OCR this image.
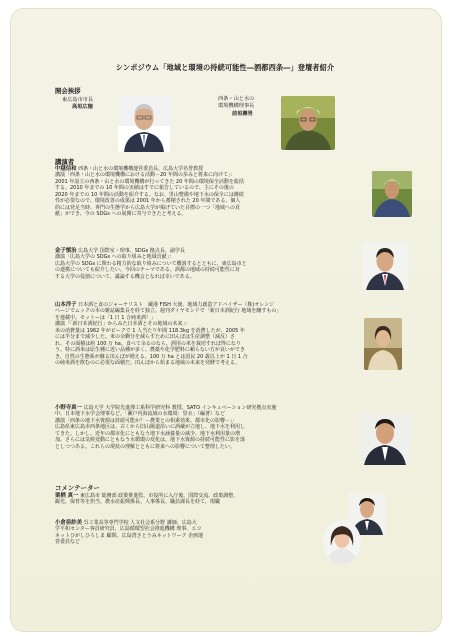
シンポジウム「地域と環境の持続可能性―酒都西条―」登壇者紹介
開会挨拶
東広島市市長
高垣広徳
西条・山と水の
環境機構理事長
前垣壽男
講演者
中越信和 西条・山と水の環境機構運営委員長、広島大学名誉教授
講演「西条・山と水の環境機構における活動－20 年間の歩みと将来に向けて」：
2001 年設立の西条・山と水の環境機構が行ってきた 20 年間の環境保全活動を総括
する。2010 年までの 10 年間の実績はすでに報告しているので、主にその後の
2020 年までの 10 年間の活動を紹介する。なお、里山整備や地下水の保全には継続
性が必要なので、環境改善の成果は 2001 年から蓄積された 20 年間である。個人
的には発足当時、専門の生態学から広島大学が掲げていた目標の一つ「地域への貢
献」ができ、今の SDGs への展開に寄与できたと考える。
金子慎治 広島大学 国際室・理事、SDGs 拠点長、副学長
講演「広島大学の SDGs への取り組みと地域貢献」：
広島大学の SDGs に関わる精力的な取り組みについて概説するとともに、東広島市と
の連携についても紹介したい。今回のテーマである、酒都の地域の持続可能性に対
する大学の役割について、議論する機会となれば幸いである。
山本洋子 日本酒と食のジャーナリスト　蔵港 FISH 大使、地域力創造アドバイザー（株)オレンジ
ページでムックの本の雑誌編集長を経て独立。週刊ダイヤモンドで「新日本酒紀行 地域を醸すもの」
を連載中。モットーは「1 日 1 合純米酒！」
講演「「新日本酒紀行」からみた日本酒とその地域の未来」：
米の消費量は 1962 年がピークで 1 人当たり年間 118.3kg を消費したが、2005 年
には半分まで減少した。米の余剰分を減らすために田んぼは生産調整（減反）さ
れ、その面積は約 100 万 ha。食べて余るのなら、酒用の米を栽培すれば得になり
う。特に酒米は原生種に近い品種が多く、農薬や化学肥料に頼らない方が良いができ
き、自然の生態系が蘇る田んぼが増える。100 万 ha とは国民 20 歳以上が 1 日 1 合
の純米酒を飲むのに必要な面積だ。田んぼから始まる地域の未来を発酵で考える。
小野寺真一 広島大学 大学院先進理工系科学研究科 教授、SATO インキュベーション研究拠点実施
中、日本地下水学会理事など。「瀬戸内海流域の水環境：里水」（編著）など
講演「西条の地下水資源は持続可能か？－農業との相乗効果、都市化の影響－」：
広島県東広島市西条地区は、古くから旧山陽道沿いに酒蔵が立地し、地下水を利用し
てきた。しかし、近年の都市化にともなう地下水涵養量の減少、地下水利用量の増
加、さらには気候変動にともなう水循環の変化は、地下水資源の持続可能性に影を落
としつつある。これらの現状の理解とともに将来への影響について整理したい。
コメンテーター
栗栖 真一 東広島市 総務部 政策推進監、市役所に入庁後、国際交流、政策調整、
観光、保育等を担当、農水産振興係長、人事係長、職員課長を経て、現職
小倉亜紗美 呉工業高等専門学校 人文社会系分野 講師、広島大
学平和センター客員研究員、広島循環型社会推進機構 理事、エコ
ネットひがしひろしま 顧問、広島湾さとうみネットワーク 企画運
営委員など
